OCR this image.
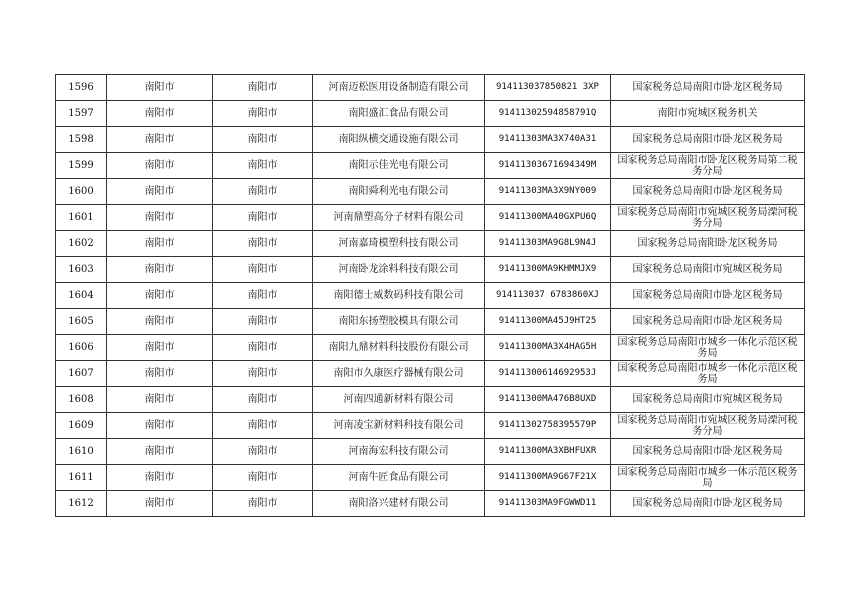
1596	南阳市	南阳市	河南迈松医用设备制造有限公司	914113037850821 3XP	国家税务总局南阳市卧龙区税务局
1597	南阳市	南阳市	南阳盛汇食品有限公司	91411302594858791Q	南阳市宛城区税务机关
1598	南阳市	南阳市	南阳纵横交通设施有限公司	91411303MA3X740A31	国家税务总局南阳市卧龙区税务局
1599	南阳市	南阳市	南阳示佳光电有限公司	91411303671694349M	国家税务总局南阳市卧龙区税务局第二税务分局
1600	南阳市	南阳市	南阳舜利光电有限公司	91411303MA3X9NY009	国家税务总局南阳市卧龙区税务局
1601	南阳市	南阳市	河南鼎塑高分子材料有限公司	91411300MA40GXPU6Q	国家税务总局南阳市宛城区税务局溧河税务分局
1602	南阳市	南阳市	河南嘉琦模塑科技有限公司	91411303MA9G8L9N4J	国家税务总局南阳卧龙区税务局
1603	南阳市	南阳市	河南卧龙涂料科技有限公司	91411300MA9KHMMJX9	国家税务总局南阳市宛城区税务局
1604	南阳市	南阳市	南阳德士威数码科技有限公司	914113037 6783860XJ	国家税务总局南阳市卧龙区税务局
1605	南阳市	南阳市	南阳东扬塑胶模具有限公司	91411300MA45J9HT25	国家税务总局南阳市卧龙区税务局
1606	南阳市	南阳市	南阳九鼎材料科技股份有限公司	91411300MA3X4HAG5H	国家税务总局南阳市城乡一体化示范区税务局
1607	南阳市	南阳市	南阳市久康医疗器械有限公司	91411300614692953J	国家税务总局南阳市城乡一体化示范区税务局
1608	南阳市	南阳市	河南四通新材料有限公司	91411300MA476B8UXD	国家税务总局南阳市宛城区税务局
1609	南阳市	南阳市	河南凌宝新材料科技有限公司	91411302758395579P	国家税务总局南阳市宛城区税务局溧河税务分局
1610	南阳市	南阳市	河南海宏科技有限公司	91411300MA3XBHFUXR	国家税务总局南阳市卧龙区税务局
1611	南阳市	南阳市	河南牛匠食品有限公司	91411300MA9G67F21X	国家税务总局南阳市城乡一体示范区税务局
1612	南阳市	南阳市	南阳洛兴建材有限公司	91411303MA9FGWWD11	国家税务总局南阳市卧龙区税务局
